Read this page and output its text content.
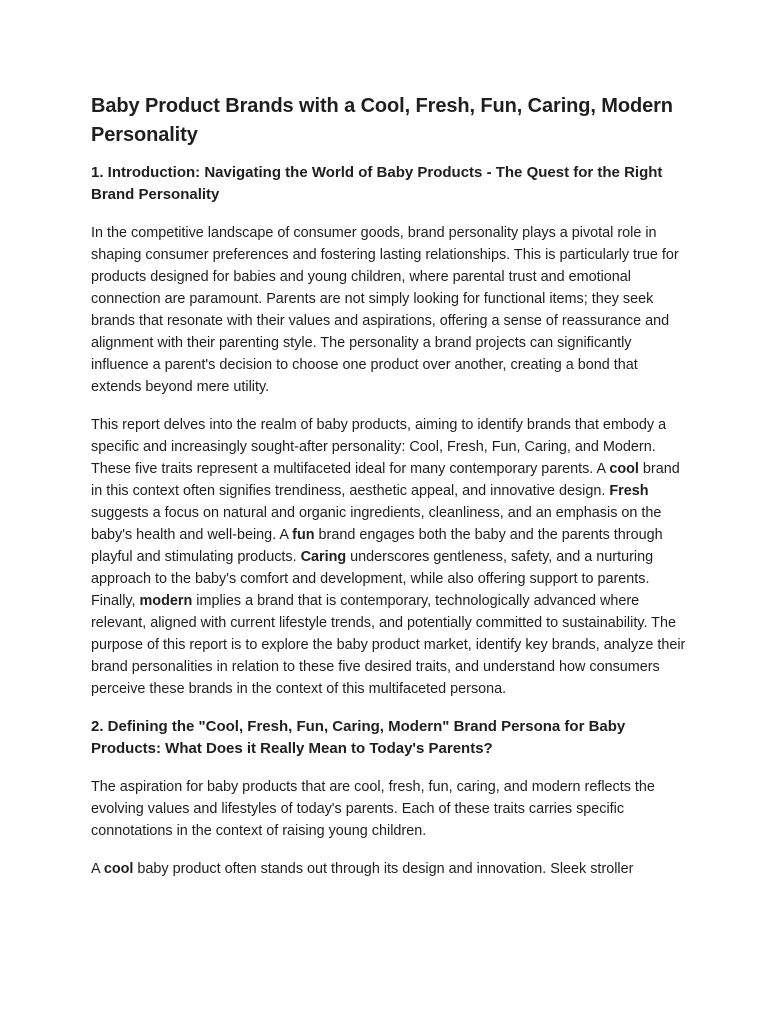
Baby Product Brands with a Cool, Fresh, Fun, Caring, Modern Personality
1. Introduction: Navigating the World of Baby Products - The Quest for the Right Brand Personality

In the competitive landscape of consumer goods, brand personality plays a pivotal role in shaping consumer preferences and fostering lasting relationships. This is particularly true for products designed for babies and young children, where parental trust and emotional connection are paramount. Parents are not simply looking for functional items; they seek brands that resonate with their values and aspirations, offering a sense of reassurance and alignment with their parenting style. The personality a brand projects can significantly influence a parent's decision to choose one product over another, creating a bond that extends beyond mere utility.

This report delves into the realm of baby products, aiming to identify brands that embody a specific and increasingly sought-after personality: Cool, Fresh, Fun, Caring, and Modern. These five traits represent a multifaceted ideal for many contemporary parents. A cool brand in this context often signifies trendiness, aesthetic appeal, and innovative design. Fresh suggests a focus on natural and organic ingredients, cleanliness, and an emphasis on the baby's health and well-being. A fun brand engages both the baby and the parents through playful and stimulating products. Caring underscores gentleness, safety, and a nurturing approach to the baby's comfort and development, while also offering support to parents. Finally, modern implies a brand that is contemporary, technologically advanced where relevant, aligned with current lifestyle trends, and potentially committed to sustainability. The purpose of this report is to explore the baby product market, identify key brands, analyze their brand personalities in relation to these five desired traits, and understand how consumers perceive these brands in the context of this multifaceted persona.

2. Defining the "Cool, Fresh, Fun, Caring, Modern" Brand Persona for Baby Products: What Does it Really Mean to Today's Parents?

The aspiration for baby products that are cool, fresh, fun, caring, and modern reflects the evolving values and lifestyles of today's parents. Each of these traits carries specific connotations in the context of raising young children.

A cool baby product often stands out through its design and innovation. Sleek stroller
